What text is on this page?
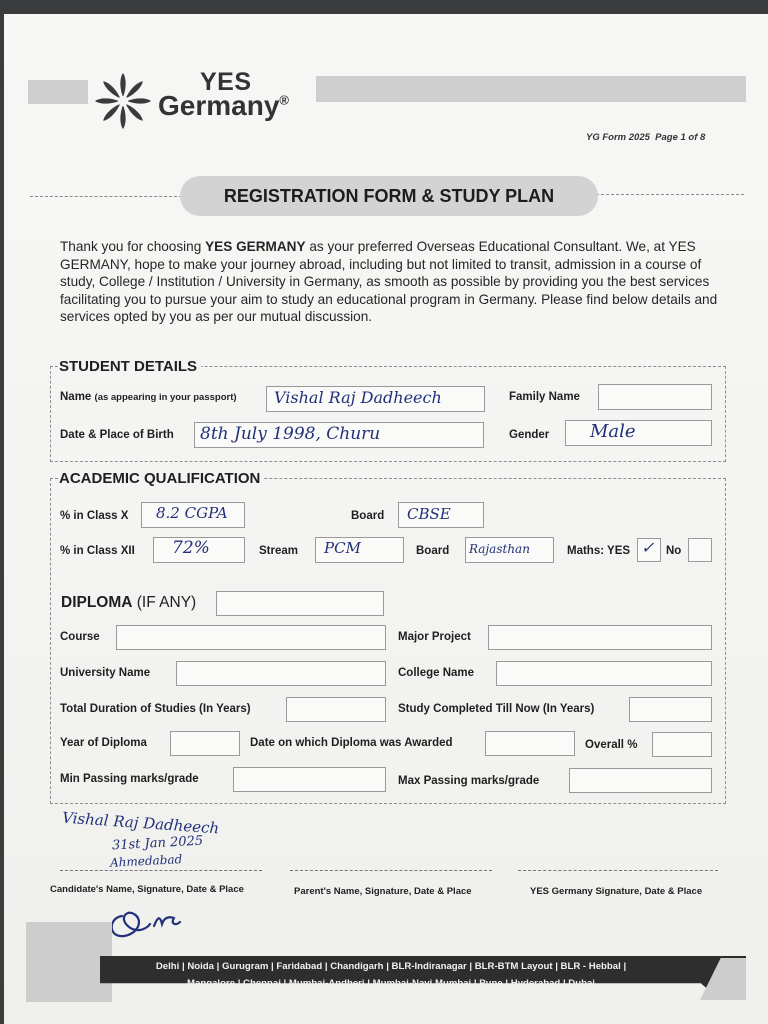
YES
Germany®
YG Form 2025  Page 1 of 8
REGISTRATION FORM & STUDY PLAN

Thank you for choosing YES GERMANY as your preferred Overseas Educational Consultant. We, at YES GERMANY, hope to make your journey abroad, including but not limited to transit, admission in a course of study, College / Institution / University in Germany, as smooth as possible by providing you the best services facilitating you to pursue your aim to study an educational program in Germany. Please find below details and services opted by you as per our mutual discussion.

STUDENT DETAILS
Name (as appearing in your passport) Vishal Raj Dadheech	Family Name
Date & Place of Birth 8th July 1998, Churu	Gender Male
ACADEMIC QUALIFICATION
% in Class X 8.2 CGPA	Board CBSE
% in Class XII 72%	Stream PCM	Board Rajasthan	Maths: YES ✓ No
DIPLOMA (IF ANY)
Course	Major Project
University Name	College Name
Total Duration of Studies (In Years)	Study Completed Till Now (In Years)
Year of Diploma	Date on which Diploma was Awarded	Overall %
Min Passing marks/grade	Max Passing marks/grade
Vishal Raj Dadheech
31st Jan 2025
Ahmedabad
Candidate's Name, Signature, Date & Place	Parent's Name, Signature, Date & Place	YES Germany Signature, Date & Place
Delhi | Noida | Gurugram | Faridabad | Chandigarh | BLR-Indiranagar | BLR-BTM Layout | BLR - Hebbal |
Mangalore | Chennai | Mumbai-Andheri | Mumbai-Navi Mumbai | Pune | Hyderabad | Dubai
